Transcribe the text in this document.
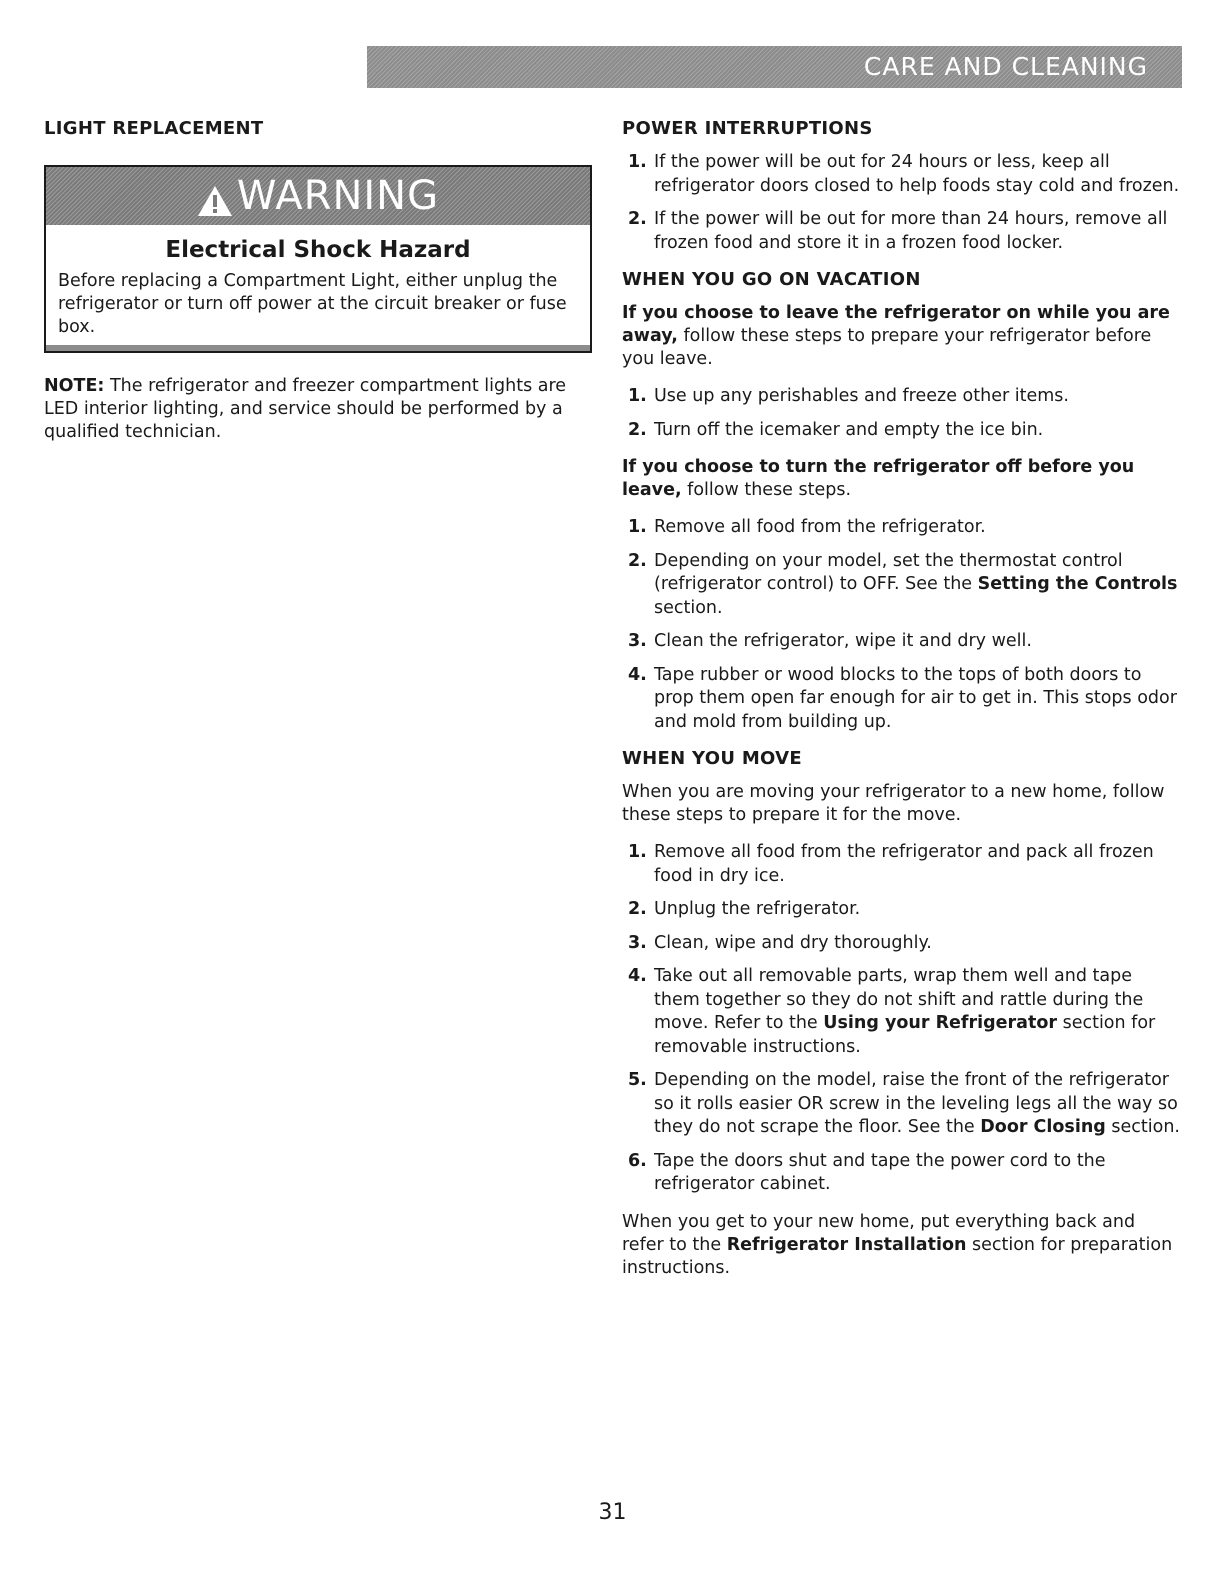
CARE AND CLEANING
LIGHT REPLACEMENT
WARNING
Electrical Shock Hazard
Before replacing a Compartment Light, either unplug the refrigerator or turn off power at the circuit breaker or fuse box.
NOTE: The refrigerator and freezer compartment lights are LED interior lighting, and service should be performed by a qualified technician.
POWER INTERRUPTIONS
1. If the power will be out for 24 hours or less, keep all refrigerator doors closed to help foods stay cold and frozen.
2. If the power will be out for more than 24 hours, remove all frozen food and store it in a frozen food locker.
WHEN YOU GO ON VACATION

If you choose to leave the refrigerator on while you are away, follow these steps to prepare your refrigerator before you leave.

1. Use up any perishables and freeze other items.
2. Turn off the icemaker and empty the ice bin.

If you choose to turn the refrigerator off before you leave, follow these steps.

1. Remove all food from the refrigerator.
2. Depending on your model, set the thermostat control (refrigerator control) to OFF. See the Setting the Controls section.
3. Clean the refrigerator, wipe it and dry well.
4. Tape rubber or wood blocks to the tops of both doors to prop them open far enough for air to get in. This stops odor and mold from building up.
WHEN YOU MOVE

When you are moving your refrigerator to a new home, follow these steps to prepare it for the move.

1. Remove all food from the refrigerator and pack all frozen food in dry ice.
2. Unplug the refrigerator.
3. Clean, wipe and dry thoroughly.
4. Take out all removable parts, wrap them well and tape them together so they do not shift and rattle during the move. Refer to the Using your Refrigerator section for removable instructions.
5. Depending on the model, raise the front of the refrigerator so it rolls easier OR screw in the leveling legs all the way so they do not scrape the floor. See the Door Closing section.
6. Tape the doors shut and tape the power cord to the refrigerator cabinet.

When you get to your new home, put everything back and refer to the Refrigerator Installation section for preparation instructions.

31
